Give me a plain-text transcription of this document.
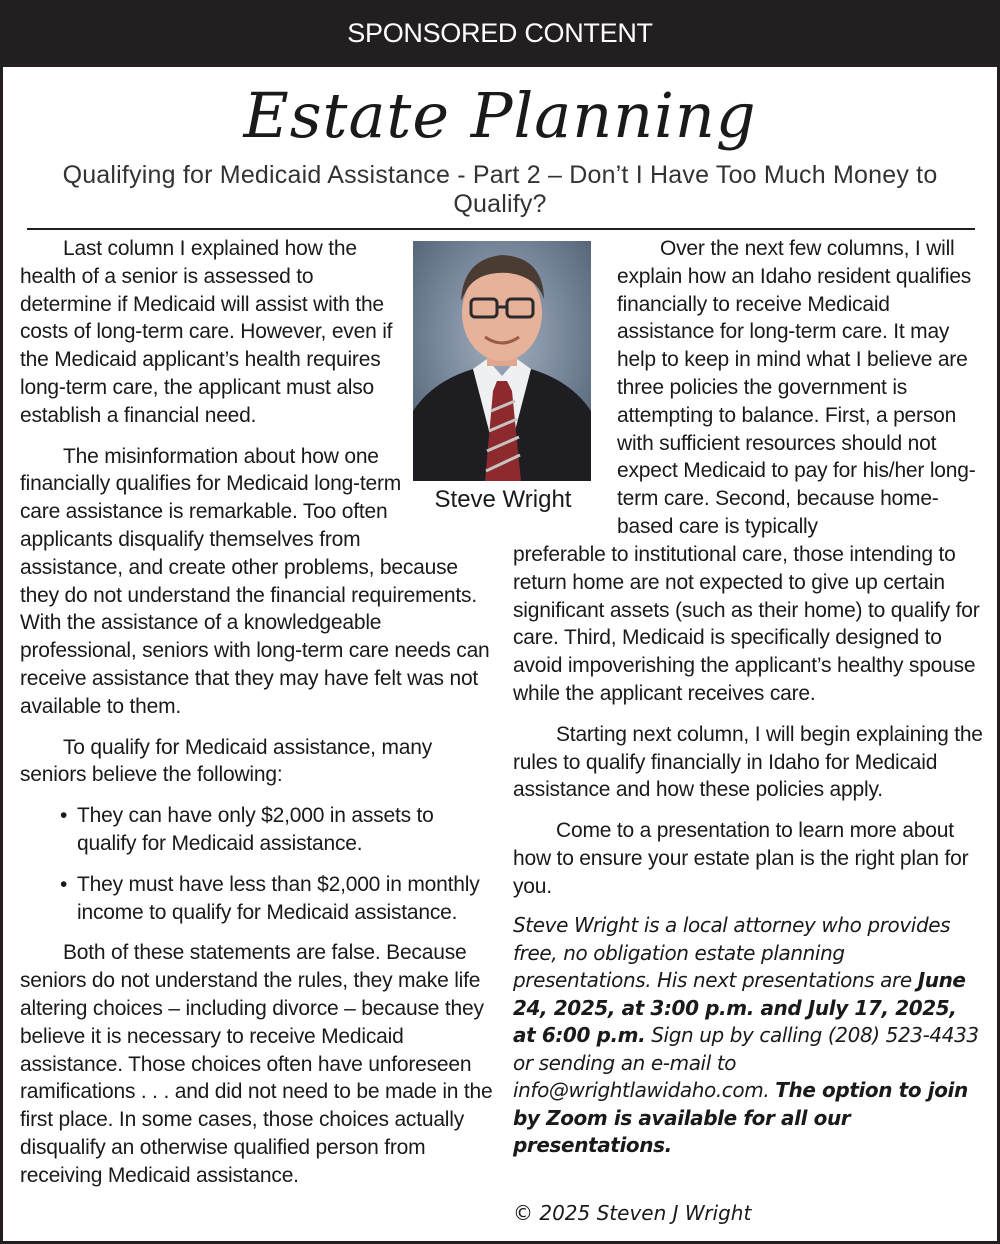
SPONSORED CONTENT
Estate Planning
Qualifying for Medicaid Assistance - Part 2 – Don’t I Have Too Much Money to Qualify?

Last column I explained how the health of a senior is assessed to determine if Medicaid will assist with the costs of long-term care. However, even if the Medicaid applicant’s health requires long-term care, the applicant must also establish a financial need.

The misinformation about how one financially qualifies for Medicaid long-term care assistance is remarkable. Too often applicants disqualify themselves from assistance, and create other problems, because they do not understand the financial requirements. With the assistance of a knowledgeable professional, seniors with long-term care needs can receive assistance that they may have felt was not available to them.

To qualify for Medicaid assistance, many seniors believe the following:

• They can have only $2,000 in assets to qualify for Medicaid assistance.
• They must have less than $2,000 in monthly income to qualify for Medicaid assistance.

Both of these statements are false. Because seniors do not understand the rules, they make life altering choices – including divorce – because they believe it is necessary to receive Medicaid assistance. Those choices often have unforeseen ramifications . . . and did not need to be made in the first place. In some cases, those choices actually disqualify an otherwise qualified person from receiving Medicaid assistance.

Steve Wright

Over the next few columns, I will explain how an Idaho resident qualifies financially to receive Medicaid assistance for long-term care. It may help to keep in mind what I believe are three policies the government is attempting to balance. First, a person with sufficient resources should not expect Medicaid to pay for his/her long-term care. Second, because home-based care is typically

preferable to institutional care, those intending to return home are not expected to give up certain significant assets (such as their home) to qualify for care. Third, Medicaid is specifically designed to avoid impoverishing the applicant’s healthy spouse while the applicant receives care.

Starting next column, I will begin explaining the rules to qualify financially in Idaho for Medicaid assistance and how these policies apply.

Come to a presentation to learn more about how to ensure your estate plan is the right plan for you.

Steve Wright is a local attorney who provides free, no obligation estate planning presentations. His next presentations are June 24, 2025, at 3:00 p.m. and July 17, 2025, at 6:00 p.m. Sign up by calling (208) 523-4433 or sending an e-mail to info@wrightlawidaho.com. The option to join by Zoom is available for all our presentations.
© 2025 Steven J Wright
